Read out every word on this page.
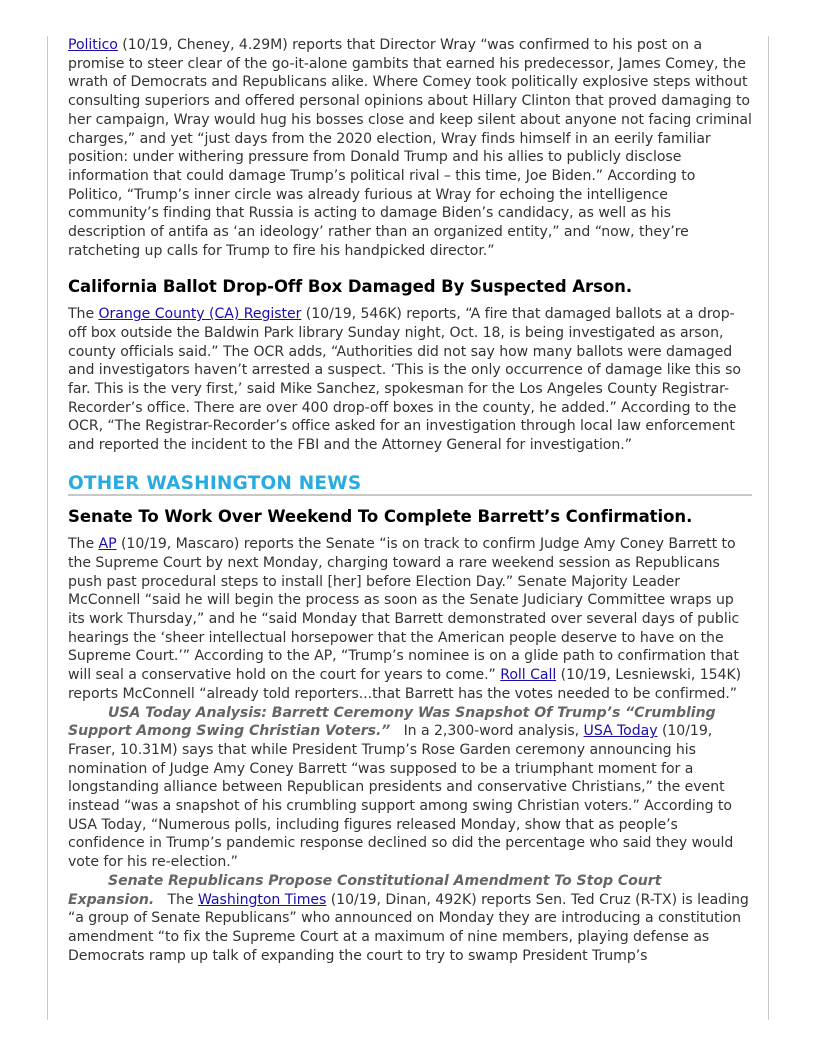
Politico (10/19, Cheney, 4.29M) reports that Director Wray “was confirmed to his post on a promise to steer clear of the go-it-alone gambits that earned his predecessor, James Comey, the wrath of Democrats and Republicans alike. Where Comey took politically explosive steps without consulting superiors and offered personal opinions about Hillary Clinton that proved damaging to her campaign, Wray would hug his bosses close and keep silent about anyone not facing criminal charges,” and yet “just days from the 2020 election, Wray finds himself in an eerily familiar position: under withering pressure from Donald Trump and his allies to publicly disclose information that could damage Trump’s political rival – this time, Joe Biden.” According to Politico, “Trump’s inner circle was already furious at Wray for echoing the intelligence community’s finding that Russia is acting to damage Biden’s candidacy, as well as his description of antifa as ‘an ideology’ rather than an organized entity,” and “now, they’re ratcheting up calls for Trump to fire his handpicked director.”

California Ballot Drop-Off Box Damaged By Suspected Arson.

The Orange County (CA) Register (10/19, 546K) reports, “A fire that damaged ballots at a drop-off box outside the Baldwin Park library Sunday night, Oct. 18, is being investigated as arson, county officials said.” The OCR adds, “Authorities did not say how many ballots were damaged and investigators haven’t arrested a suspect. ‘This is the only occurrence of damage like this so far. This is the very first,’ said Mike Sanchez, spokesman for the Los Angeles County Registrar-Recorder’s office. There are over 400 drop-off boxes in the county, he added.” According to the OCR, “The Registrar-Recorder’s office asked for an investigation through local law enforcement and reported the incident to the FBI and the Attorney General for investigation.”

OTHER WASHINGTON NEWS
Senate To Work Over Weekend To Complete Barrett’s Confirmation.

The AP (10/19, Mascaro) reports the Senate “is on track to confirm Judge Amy Coney Barrett to the Supreme Court by next Monday, charging toward a rare weekend session as Republicans push past procedural steps to install [her] before Election Day.” Senate Majority Leader McConnell “said he will begin the process as soon as the Senate Judiciary Committee wraps up its work Thursday,” and he “said Monday that Barrett demonstrated over several days of public hearings the ‘sheer intellectual horsepower that the American people deserve to have on the Supreme Court.’” According to the AP, “Trump’s nominee is on a glide path to confirmation that will seal a conservative hold on the court for years to come.” Roll Call (10/19, Lesniewski, 154K) reports McConnell “already told reporters...that Barrett has the votes needed to be confirmed.”

USA Today Analysis: Barrett Ceremony Was Snapshot Of Trump’s “Crumbling Support Among Swing Christian Voters.”   In a 2,300-word analysis, USA Today (10/19, Fraser, 10.31M) says that while President Trump’s Rose Garden ceremony announcing his nomination of Judge Amy Coney Barrett “was supposed to be a triumphant moment for a longstanding alliance between Republican presidents and conservative Christians,” the event instead “was a snapshot of his crumbling support among swing Christian voters.” According to USA Today, “Numerous polls, including figures released Monday, show that as people’s confidence in Trump’s pandemic response declined so did the percentage who said they would vote for his re-election.”

Senate Republicans Propose Constitutional Amendment To Stop Court Expansion.   The Washington Times (10/19, Dinan, 492K) reports Sen. Ted Cruz (R-TX) is leading “a group of Senate Republicans” who announced on Monday they are introducing a constitution amendment “to fix the Supreme Court at a maximum of nine members, playing defense as Democrats ramp up talk of expanding the court to try to swamp President Trump’s
